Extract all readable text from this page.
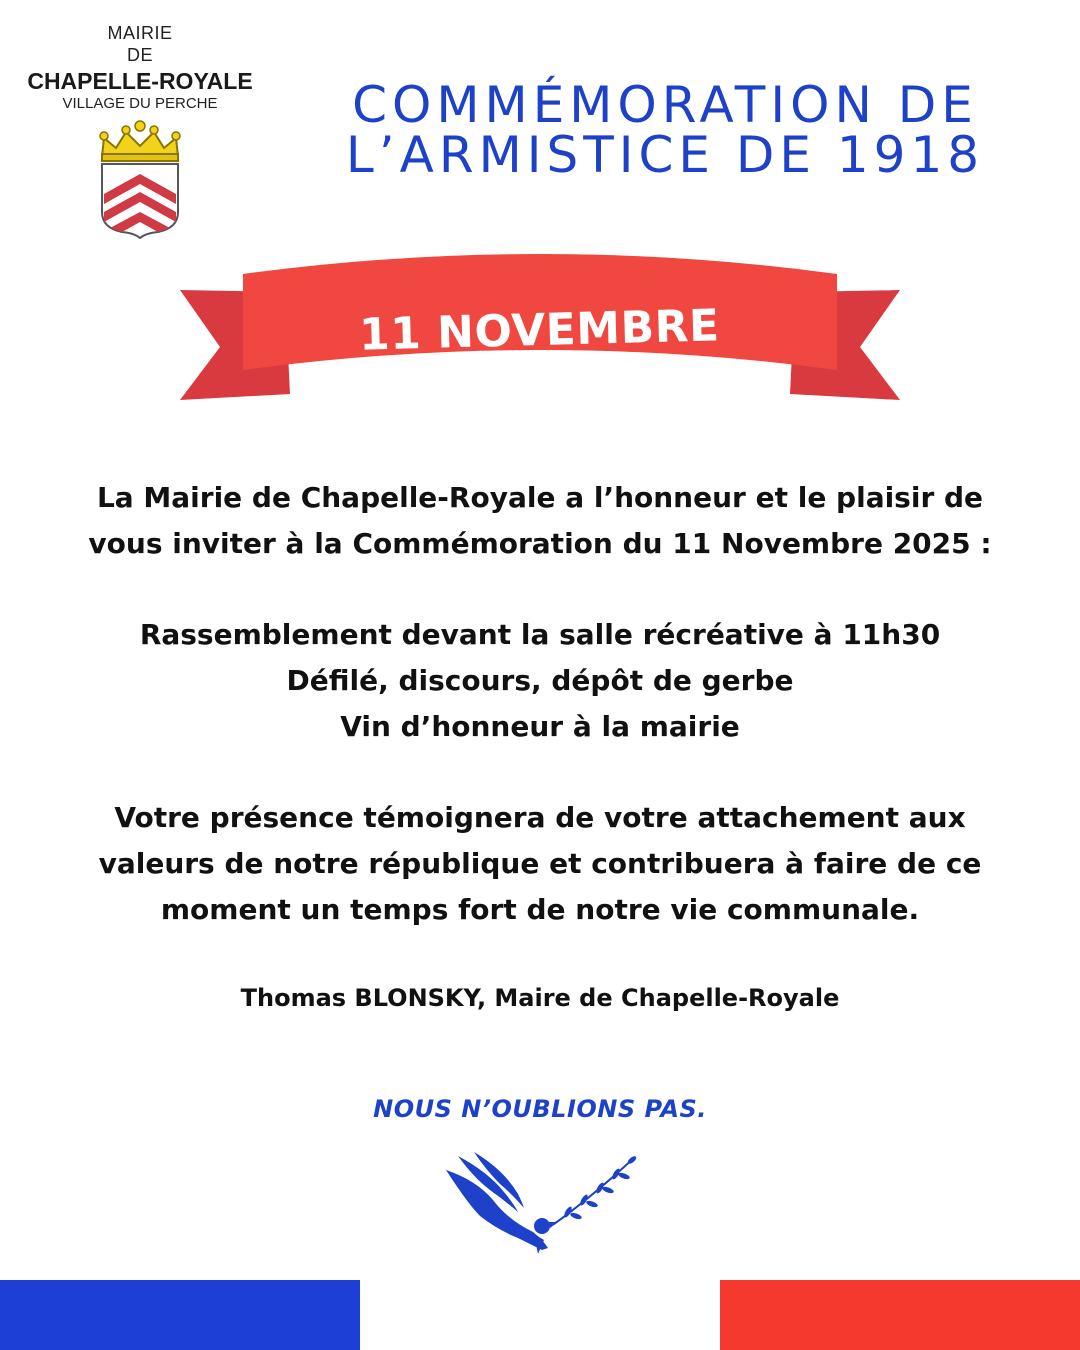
MAIRIE
DE
CHAPELLE-ROYALE
VILLAGE DU PERCHE	COMMÉMORATION DE
L’ARMISTICE DE 1918
11 NOVEMBRE 2025
La Mairie de Chapelle-Royale a l’honneur et le plaisir de
vous inviter à la Commémoration du 11 Novembre 2025 :
Rassemblement devant la salle récréative à 11h30
Défilé, discours, dépôt de gerbe
Vin d’honneur à la mairie
Votre présence témoignera de votre attachement aux
valeurs de notre république et contribuera à faire de ce
moment un temps fort de notre vie communale.
Thomas BLONSKY, Maire de Chapelle-Royale
NOUS N’OUBLIONS PAS.
